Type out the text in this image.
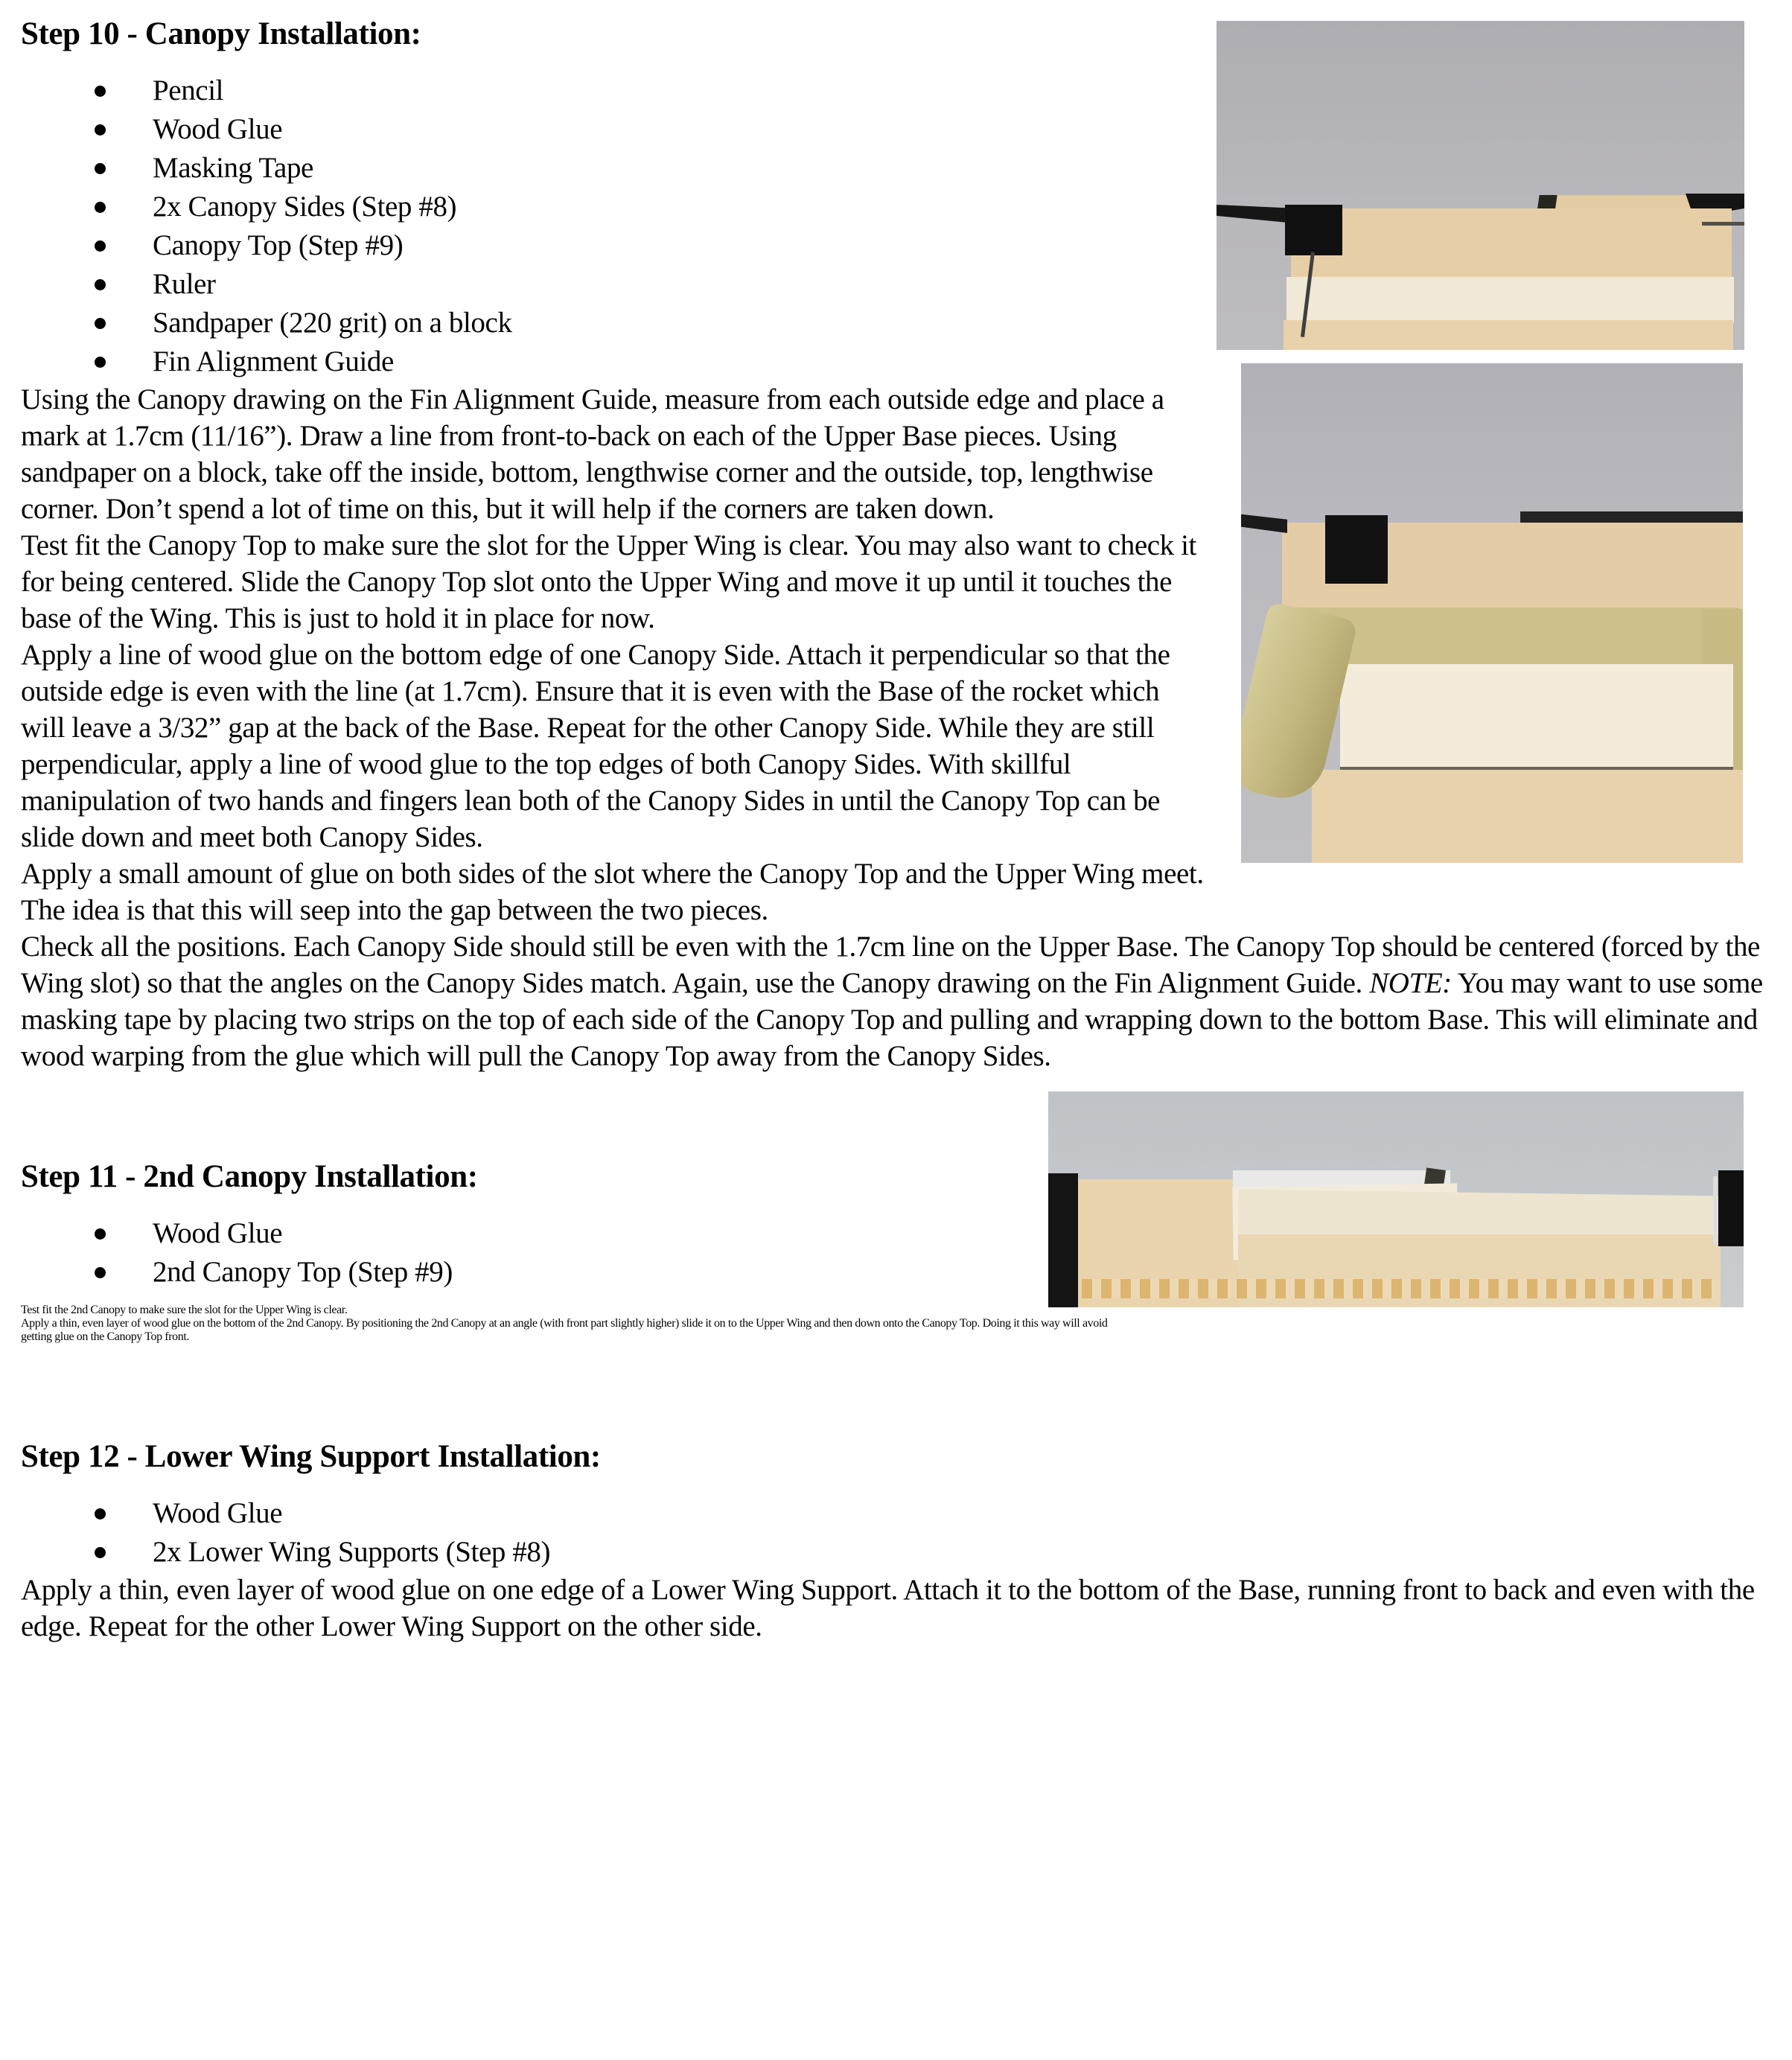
Step 10 - Canopy Installation:
Pencil
Wood Glue
Masking Tape
2x Canopy Sides (Step #8)
Canopy Top (Step #9)
Ruler
Sandpaper (220 grit) on a block
Fin Alignment Guide

Using the Canopy drawing on the Fin Alignment Guide, measure from each outside edge and place a mark at 1.7cm (11/16”). Draw a line from front-to-back on each of the Upper Base pieces. Using sandpaper on a block, take off the inside, bottom, lengthwise corner and the outside, top, lengthwise corner. Don’t spend a lot of time on this, but it will help if the corners are taken down.

Test fit the Canopy Top to make sure the slot for the Upper Wing is clear. You may also want to check it for being centered. Slide the Canopy Top slot onto the Upper Wing and move it up until it touches the base of the Wing. This is just to hold it in place for now.

Apply a line of wood glue on the bottom edge of one Canopy Side. Attach it perpendicular so that the outside edge is even with the line (at 1.7cm). Ensure that it is even with the Base of the rocket which will leave a 3/32” gap at the back of the Base. Repeat for the other Canopy Side. While they are still perpendicular, apply a line of wood glue to the top edges of both Canopy Sides. With skillful manipulation of two hands and fingers lean both of the Canopy Sides in until the Canopy Top can be slide down and meet both Canopy Sides.

Apply a small amount of glue on both sides of the slot where the Canopy Top and the Upper Wing meet. The idea is that this will seep into the gap between the two pieces.

Check all the positions. Each Canopy Side should still be even with the 1.7cm line on the Upper Base. The Canopy Top should be centered (forced by the Wing slot) so that the angles on the Canopy Sides match. Again, use the Canopy drawing on the Fin Alignment Guide. NOTE: You may want to use some masking tape by placing two strips on the top of each side of the Canopy Top and pulling and wrapping down to the bottom Base. This will eliminate and wood warping from the glue which will pull the Canopy Top away from the Canopy Sides.

Step 11 - 2nd Canopy Installation:
Wood Glue
2nd Canopy Top (Step #9)
Test fit the 2nd Canopy to make sure the slot for the Upper Wing is clear.
Apply a thin, even layer of wood glue on the bottom of the 2nd Canopy. By positioning the 2nd Canopy at an angle (with front part slightly higher) slide it on to the Upper Wing and then down onto the Canopy Top. Doing it this way will avoid getting glue on the Canopy Top front.
Step 12 - Lower Wing Support Installation:
Wood Glue
2x Lower Wing Supports (Step #8)

Apply a thin, even layer of wood glue on one edge of a Lower Wing Support. Attach it to the bottom of the Base, running front to back and even with the edge. Repeat for the other Lower Wing Support on the other side.
